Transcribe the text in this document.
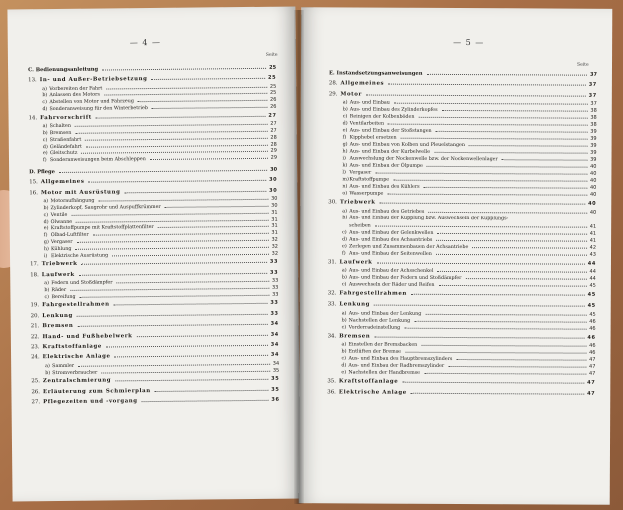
— 4 —
Seite
C. Bedienungsanleitung	25
13. In- und Außer-Betriebsetzung	25
a) Vorbereiten der Fahrt	25
b) Anlassen des Motors	25
c) Abstellen von Motor und Fahrzeug	26
d) Sonderanweisung für den Winterbetrieb	26
14. Fahrvorschrift	27
a) Schalten	27
b) Bremsen	27
c) Straßenfahrt	28
d) Geländefahrt	28
e) Gleitschutz	29
f) Sonderanweisungen beim Abschleppen	29
D. Pflege	30
15. Allgemeines	30
16. Motor mit Ausrüstung	30
a) Motoraufhängung	30
b) Zylinderkopf, Saugrohr und Auspuffkrümmer	30
c) Ventile	31
d) Ölwanne	31
e) Kraftstoffpumpe mit Kraftstoffplattenfilter	31
f) Ölbad-Luftfilter	31
g) Vergaser	32
h) Kühlung	32
i) Elektrische Ausrüstung	32
17. Triebwerk	33
18. Laufwerk	33
a) Federn und Stoßdämpfer	33
b) Räder	33
c) Bereifung	33
19. Fahrgestellrahmen	33
20. Lenkung	33
21. Bremsen	34
22. Hand- und Fußhebelwerk	34
23. Kraftstoffanlage	34
24. Elektrische Anlage	34
a) Sammler	34
b) Stromverbraucher	35
25. Zentralschmierung	35
26. Erläuterung zum Schmierplan	35
27. Pflegezeiten und -vorgang	36
— 5 —
Seite
E. Instandsetzungsanweisungen	37
28. Allgemeines	37
29. Motor	37
a) Aus- und Einbau	37
b) Aus- und Einbau des Zylinderkopfes	38
c) Reinigen der Kolbenböden	38
d) Ventilarbeiten	38
e) Aus- und Einbau der Stoßstangen	39
f) Kipphebel ersetzen	39
g) Aus- und Einbau von Kolben und Pleuelstangen	39
h) Aus- und Einbau der Kurbelwelle	39
i) Auswechslung der Nockenwelle bzw. der Nockenwellenlager	39
k) Aus- und Einbau der Ölpumpe	40
l) Vergaser	40
m)Kraftstoffpumpe	40
n) Aus- und Einbau des Kühlers	40
o) Wasserpumpe	40
30. Triebwerk	40
a) Aus- und Einbau des Getriebes	40
b) Aus- und Einbau der Kupplung bzw. Auswechseln der Kupplungs-
scheiben	41
c) Aus- und Einbau der Gelenkwellen	41
d) Aus- und Einbau des Achsantriebs	41
e) Zerlegen und Zusammenbauen der Achsantriebe	42
f) Aus- und Einbau der Seitenwellen	43
31. Laufwerk	44
a) Aus- und Einbau der Achsschenkel	44
b) Aus- und Einbau der Federn und Stoßdämpfer	44
c) Auswechseln der Räder und Reifen	45
32. Fahrgestellrahmen	45
33. Lenkung	45
a) Aus- und Einbau der Lenkung	45
b) Nachstellen der Lenkung	46
c) Vorderradeinstellung	46
34. Bremsen	46
a) Einstellen der Bremsbacken	46
b) Entlüften der Bremse	46
c) Aus- und Einbau des Hauptbremszylinders	47
d) Aus- und Einbau der Radbremszylinder	47
e) Nachstellen der Handbremse	47
35. Kraftstoffanlage	47
36. Elektrische Anlage	47
